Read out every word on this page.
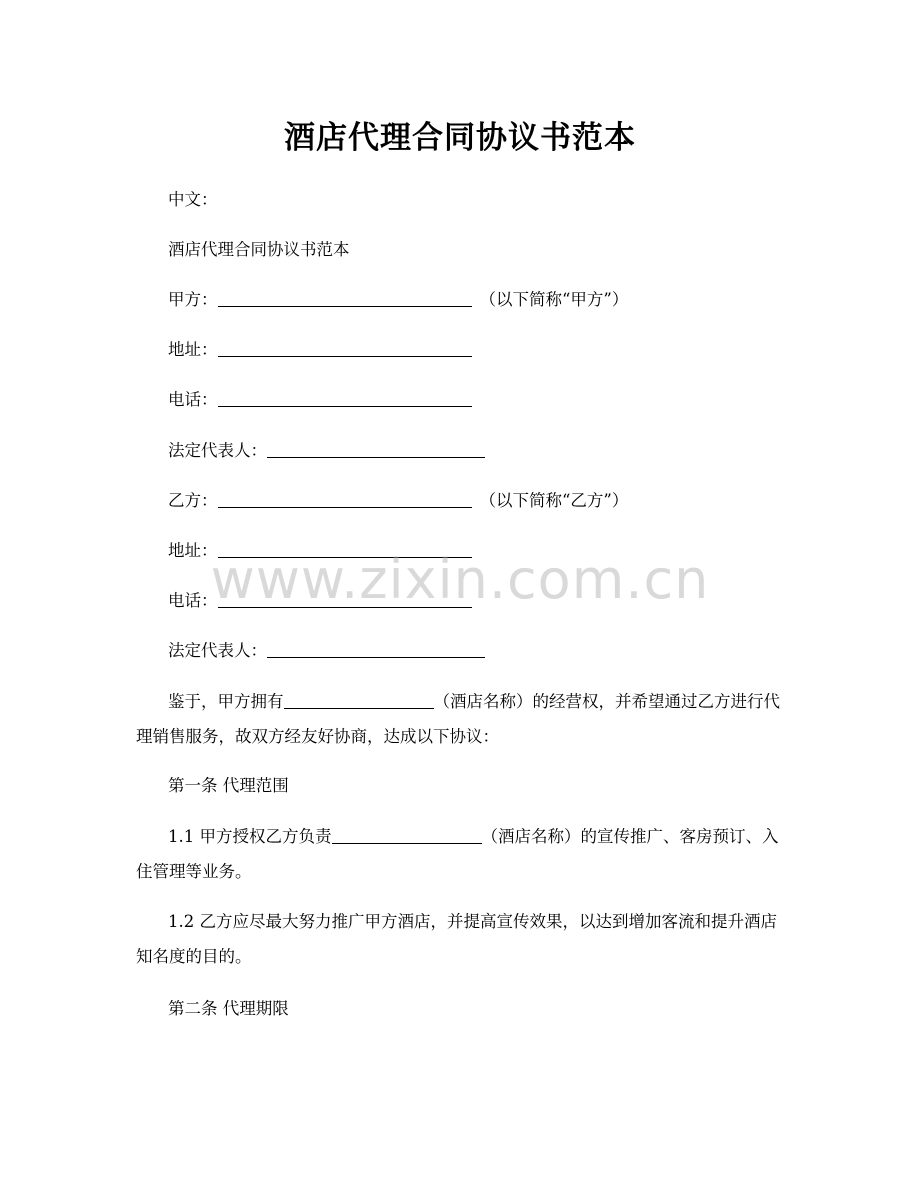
酒店代理合同协议书范本
中文：
酒店代理合同协议书范本
甲方：	（以下简称“甲方”）
地址：
电话：
法定代表人：
乙方：	（以下简称“乙方”）
地址：
电话：
法定代表人：
鉴于，甲方拥有	（酒店名称）的经营权，并希望通过乙方进行代理销售服务，故双方经友好协商，达成以下协议：
第一条 代理范围
1.1 甲方授权乙方负责	（酒店名称）的宣传推广、客房预订、入住管理等业务。
1.2 乙方应尽最大努力推广甲方酒店，并提高宣传效果，以达到增加客流和提升酒店知名度的目的。
第二条 代理期限
www.zixin.com.cn
